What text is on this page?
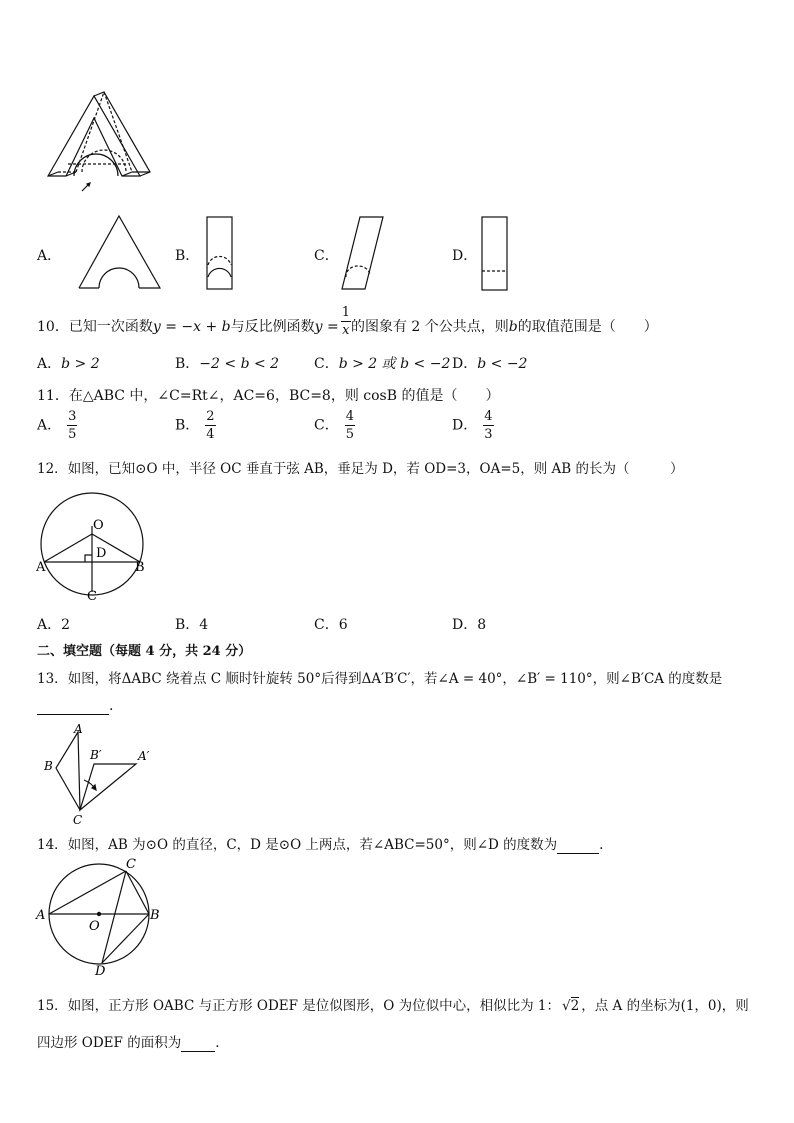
A．	B．	C．	D．
10．已知一次函数y = −x + b与反比例函数$y = \frac{1}{x}$ 的图象有 2 个公共点，则b的取值范围是（　　）
A．b > 2	B．−2 < b < 2 C．b > 2 或 b < −2 D．b < −2
11．在△ABC 中，∠C=Rt∠，AC=6，BC=8，则 cosB 的值是（　　）
A． $\frac{3}{5}$	B． $\frac{2}{4}$	C． $\frac{4}{5}$	D． $\frac{4}{3}$
12．如图，已知⊙O 中，半径 OC 垂直于弦 AB，垂足为 D，若 OD=3，OA=5，则 AB 的长为（　　　）
O
D
A	B
C
A．2	B．4	C．6	D．8
二、填空题（每题 4 分，共 24 分）
13．如图，将ΔABC 绕着点 C 顺时针旋转 50°后得到ΔA′B′C′，若∠A = 40°，∠B′ = 110°，则∠B′CA 的度数是
.
A
B
C
A′
B′
14．如图，AB 为⊙O 的直径，C，D 是⊙O 上两点，若∠ABC=50°，则∠D 的度数为	.
A	B
C
D
O
15．如图，正方形 OABC 与正方形 ODEF 是位似图形，O 为位似中心，相似比为 1： √2 ，点 A 的坐标为(1，0)，则
四边形 ODEF 的面积为	.
